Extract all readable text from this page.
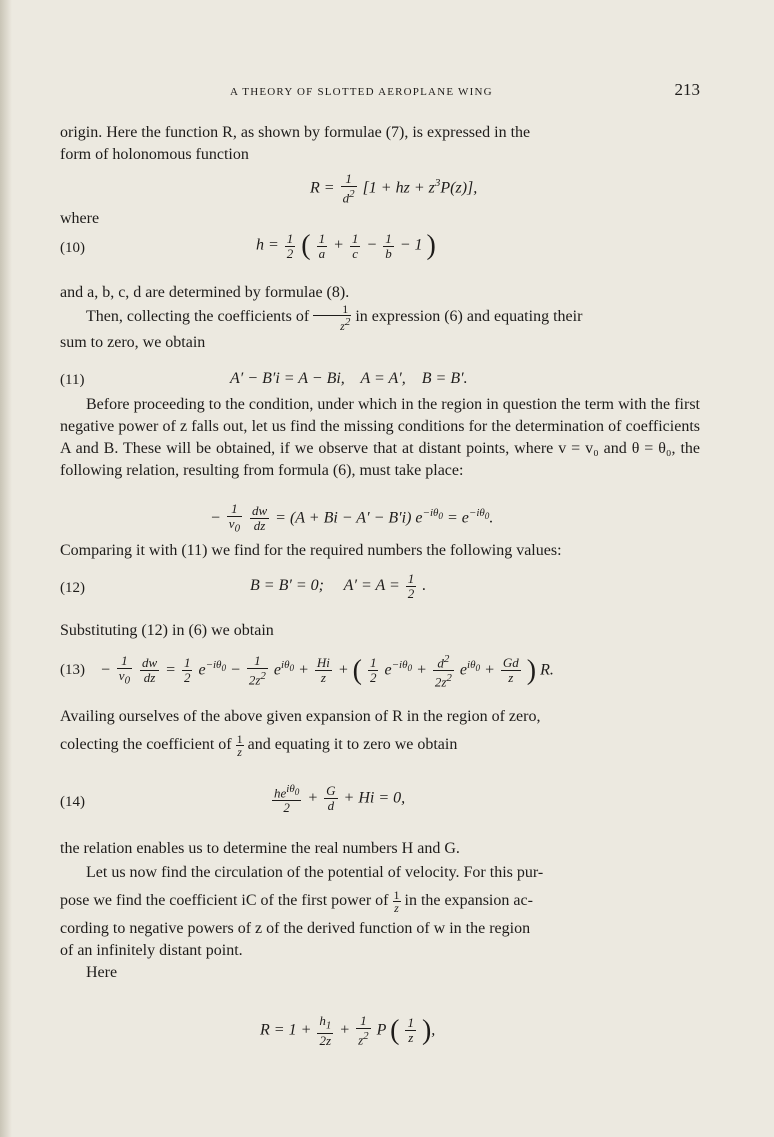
A THEORY OF SLOTTED AEROPLANE WING	213
origin. Here the function R, as shown by formulae (7), is expressed in the
form of holonomous function
$R = \frac{1}{d^2} [1$ + hz + $z^3P(z)$],
where
(10)	$h = \frac{1}{2}$ ( $\frac{1}{a} + \frac{1}{c} - \frac{1}{b} - 1$ )
and a, b, c, d are determined by formulae (8).
Then, collecting the coefficients of $\frac{1}{z^2}$ in expression (6) and equating their
sum to zero, we obtain
(11)	A′ − B′i = A − Bi,    A = A′,    B = B′.
Before proceeding to the condition, under which in the region in question the term with the first negative power of z falls out, let us find the missing conditions for the determination of coefficients A and B. These will be obtained, if we observe that at distant points, where v = v₀ and θ = θ₀, the following relation, resulting from formula (6), must take place:
− $\frac{1}{v_0}$
$\frac{dw}{dz} = (A + Bi - A' - B'i) e^{-i\theta_0} = e^{-i\theta_0}$.
Comparing it with (11) we find for the required numbers the following values:
(12)	B = B′ = 0;     $A' = A = \frac{1}{2}$ .
Substituting (12) in (6) we obtain
$(13) - \frac{1}{v_0}$
$\frac{dw}{dz} = \frac{1}{2} e^{-i\theta_0} - \frac{1}{2z^2} e^{i\theta_0} + \frac{Hi}{z}$ + ( $\frac{1}{2} e^{-i\theta_0} + \frac{d^2}{2z^2} e^{i\theta_0} + \frac{Gd}{z}$ ) R.
Availing ourselves of the above given expansion of R in the region of zero,
colecting the coefficient of $\frac{1}{z}$ and equating it to zero we obtain
(14)	$\frac{he^{i\theta_0}}{2} + \frac{G}{d} + Hi = 0$,
the relation enables us to determine the real numbers H and G.
Let us now find the circulation of the potential of velocity. For this pur-
pose we find the coefficient iC of the first power of $\frac{1}{z}$ in the expansion ac-
cording to negative powers of z of the derived function of w in the region
of an infinitely distant point.
Here
$R = 1 + \frac{h_1}{2z} + \frac{1}{z^2}$ P ( $\frac{1}{z}$ ),
